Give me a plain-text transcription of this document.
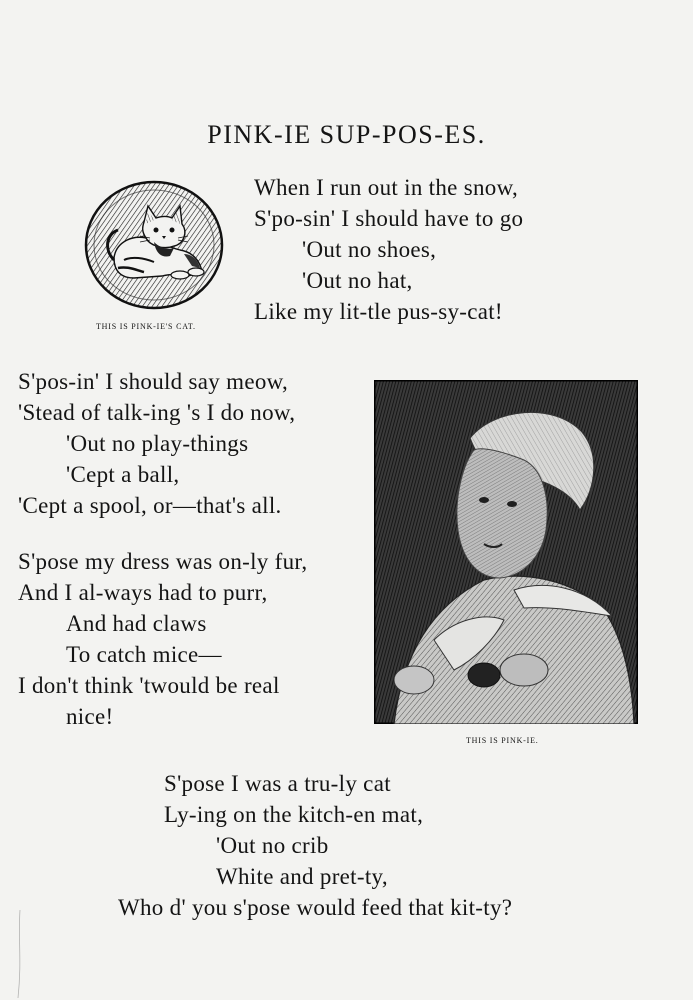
PINK-IE SUP-POS-ES.
THIS IS PINK-IE'S CAT.
When I run out in the snow,
S'po-sin' I should have to go
'Out no shoes,
'Out no hat,
Like my lit-tle pus-sy-cat!
S'pos-in' I should say meow,
'Stead of talk-ing 's I do now,
'Out no play-things
'Cept a ball,
'Cept a spool, or—that's all.
S'pose my dress was on-ly fur,
And I al-ways had to purr,
And had claws
To catch mice—
I don't think 'twould be real
nice!
THIS IS PINK-IE.
S'pose I was a tru-ly cat
Ly-ing on the kitch-en mat,
'Out no crib
White and pret-ty,
Who d' you s'pose would feed that kit-ty?
